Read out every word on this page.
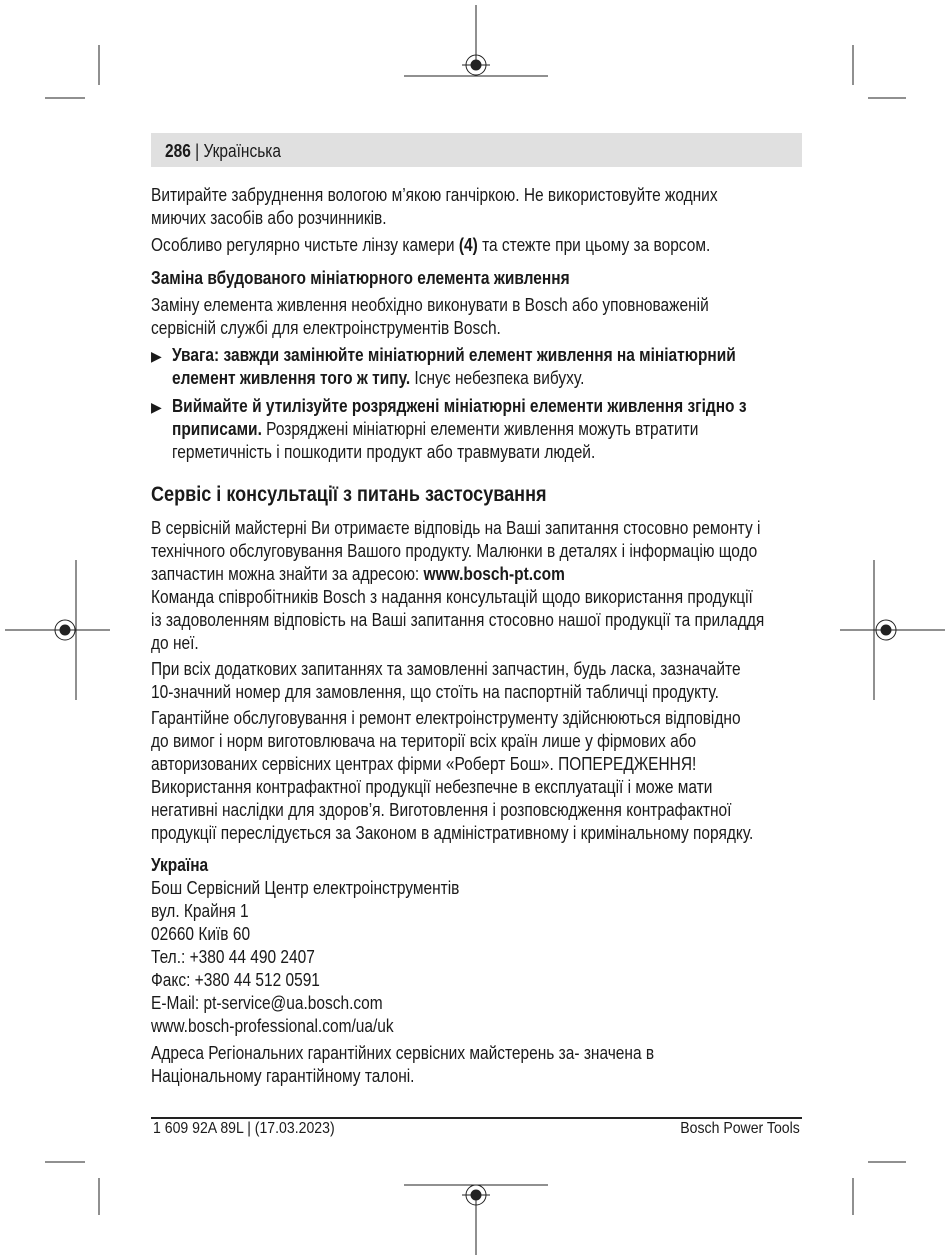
286 | Українська
Витирайте забруднення вологою м’якою ганчіркою. Не використовуйте жодних
миючих засобів або розчинників.
Особливо регулярно чистьте лінзу камери (4) та стежте при цьому за ворсом.
Заміна вбудованого мініатюрного елемента живлення
Заміну елемента живлення необхідно виконувати в Bosch або уповноваженій
сервісній службі для електроінструментів Bosch.
▶ Увага: завжди замінюйте мініатюрний елемент живлення на мініатюрний
елемент живлення того ж типу. Існує небезпека вибуху.
▶ Виймайте й утилізуйте розряджені мініатюрні елементи живлення згідно з
приписами. Розряджені мініатюрні елементи живлення можуть втратити
герметичність і пошкодити продукт або травмувати людей.
Сервіс і консультації з питань застосування
В сервісній майстерні Ви отримаєте відповідь на Ваші запитання стосовно ремонту і
технічного обслуговування Вашого продукту. Малюнки в деталях і інформацію щодо
запчастин можна знайти за адресою: www.bosch-pt.com
Команда співробітників Bosch з надання консультацій щодо використання продукції
із задоволенням відповість на Ваші запитання стосовно нашої продукції та приладдя
до неї.
При всіх додаткових запитаннях та замовленні запчастин, будь ласка, зазначайте
10‑значний номер для замовлення, що стоїть на паспортній табличці продукту.
Гарантійне обслуговування і ремонт електроінструменту здійснюються відповідно
до вимог і норм виготовлювача на території всіх країн лише у фірмових або
авторизованих сервісних центрах фірми «Роберт Бош». ПОПЕРЕДЖЕННЯ!
Використання контрафактної продукції небезпечне в експлуатації і може мати
негативні наслідки для здоров’я. Виготовлення і розповсюдження контрафактної
продукції переслідується за Законом в адміністративному і кримінальному порядку.
Україна
Бош Сервісний Центр електроінструментів
вул. Крайня 1
02660 Київ 60
Тел.: +380 44 490 2407
Факс: +380 44 512 0591
E-Mail: pt-service@ua.bosch.com
www.bosch-professional.com/ua/uk
Адреса Регіональних гарантійних сервісних майстерень за- значена в
Національному гарантійному талоні.
1 609 92A 89L | (17.03.2023)	Bosch Power Tools
